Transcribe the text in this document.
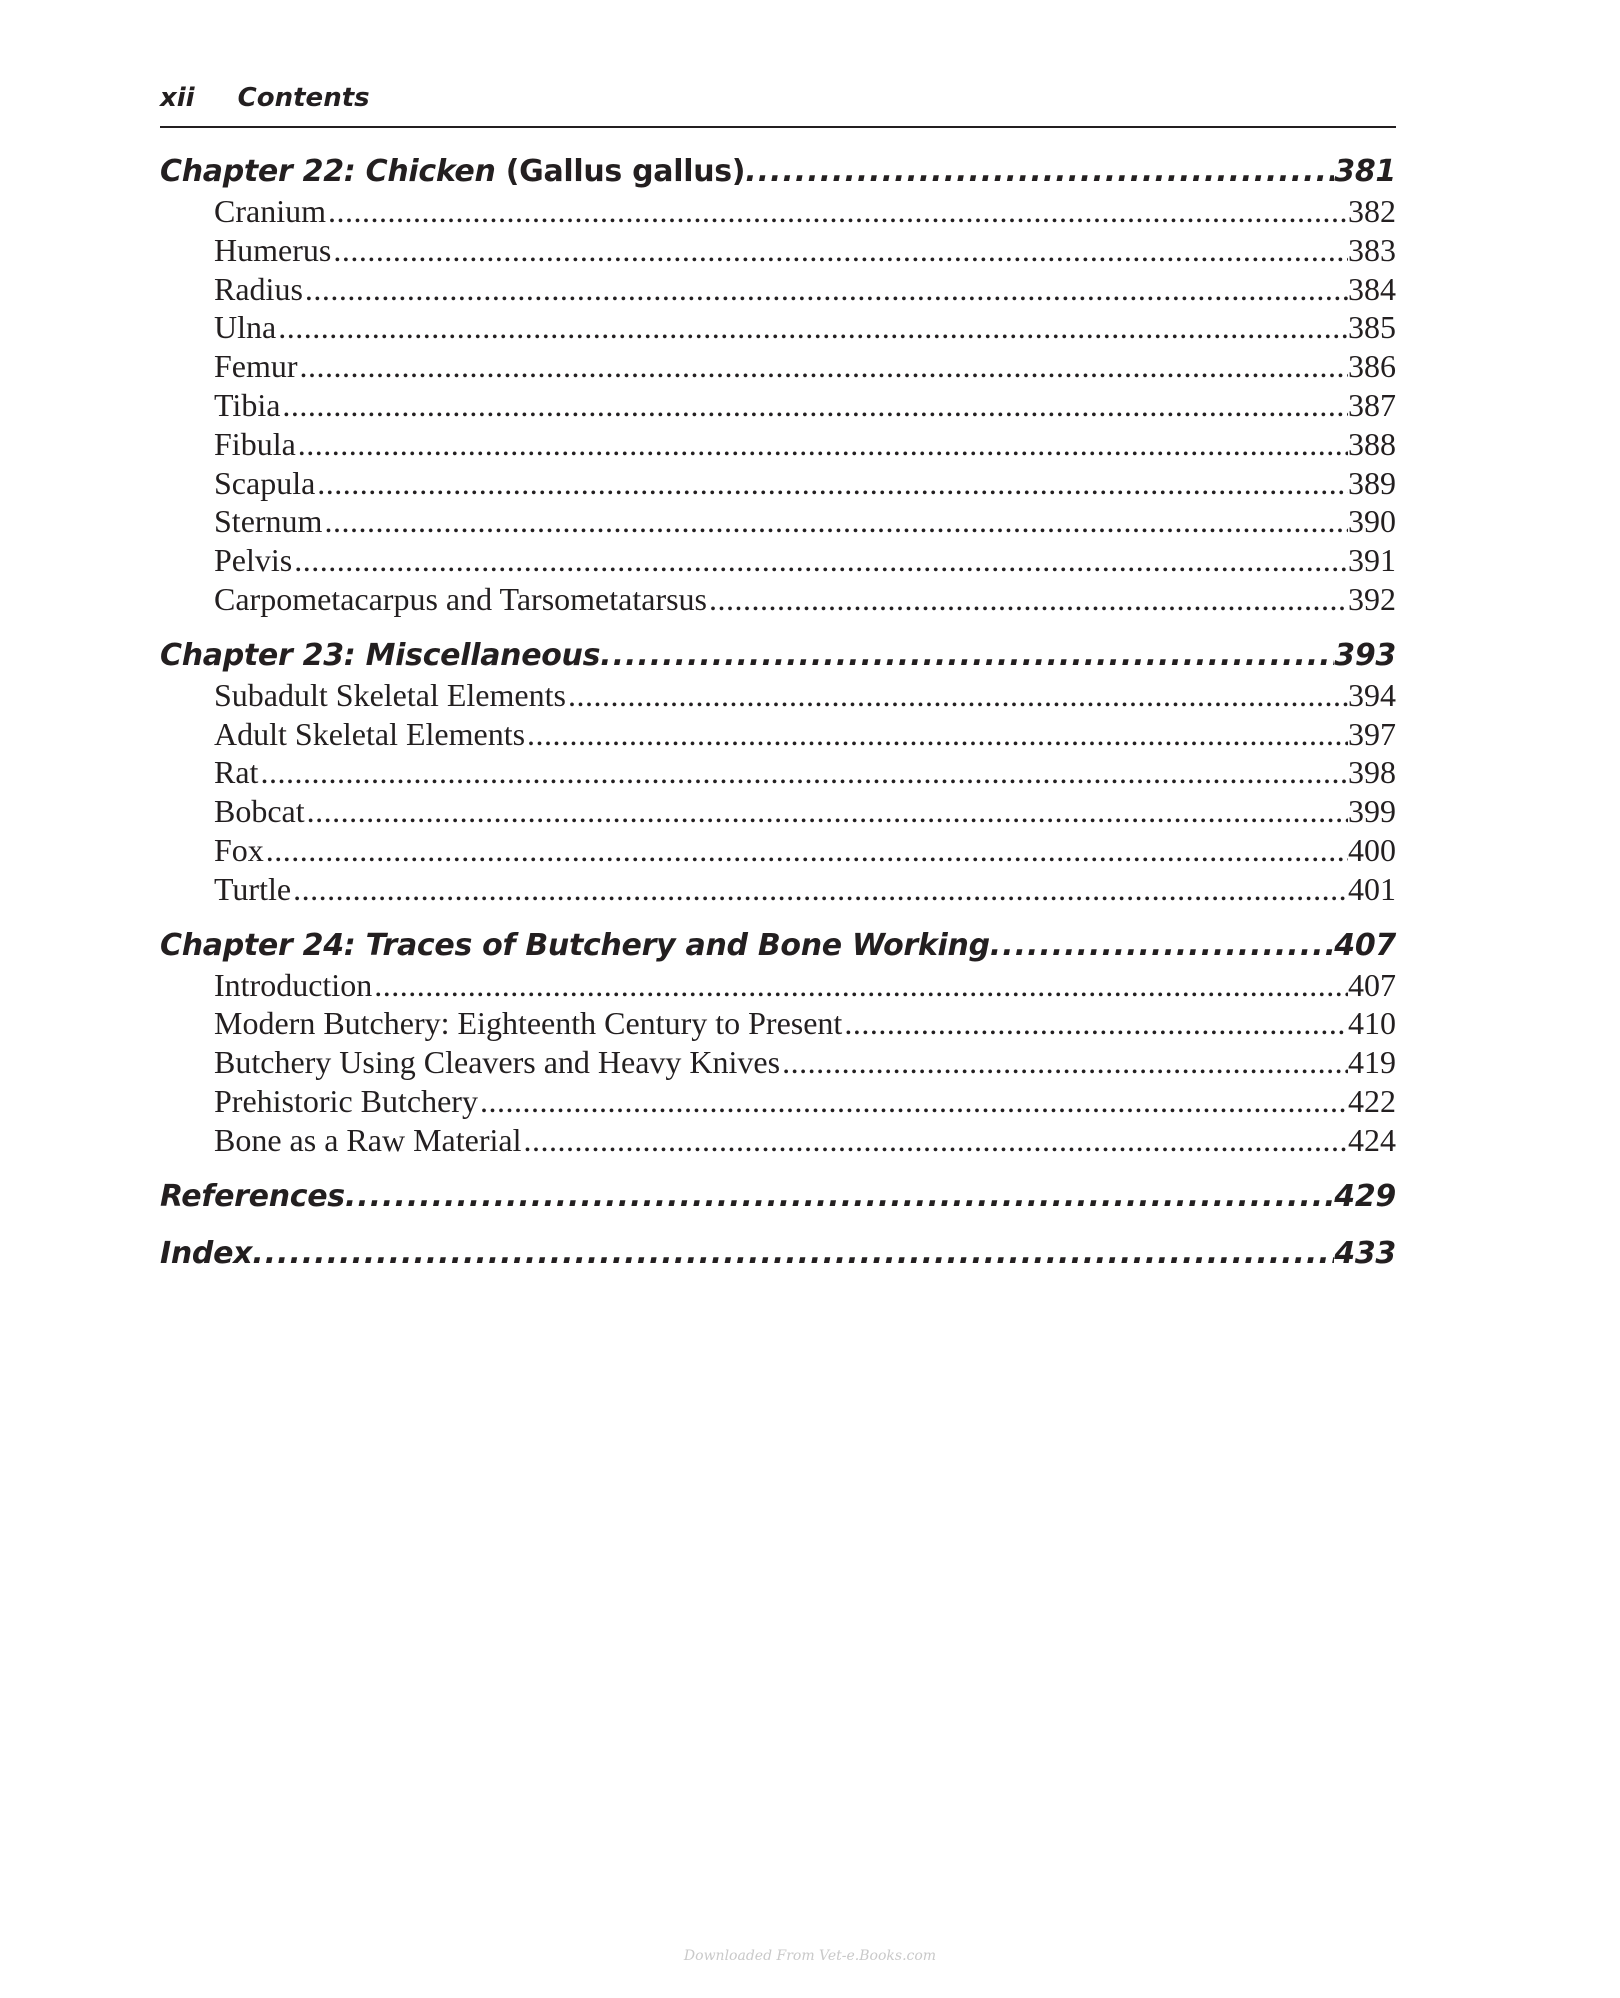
xii Contents
Chapter 22: Chicken (Gallus gallus) .....	381
Cranium .....	382
Humerus .....	383
Radius .....	384
Ulna .....	385
Femur .....	386
Tibia .....	387
Fibula .....	388
Scapula .....	389
Sternum .....	390
Pelvis .....	391
Carpometacarpus and Tarsometatarsus .....	392
Chapter 23: Miscellaneous .....	393
Subadult Skeletal Elements .....	394
Adult Skeletal Elements .....	397
Rat .....	398
Bobcat .....	399
Fox .....	400
Turtle .....	401
Chapter 24: Traces of Butchery and Bone Working .....	407
Introduction .....	407
Modern Butchery: Eighteenth Century to Present .....	410
Butchery Using Cleavers and Heavy Knives .....	419
Prehistoric Butchery .....	422
Bone as a Raw Material .....	424
References .....	429
Index .....	433
Downloaded From Vet-e.Books.com
